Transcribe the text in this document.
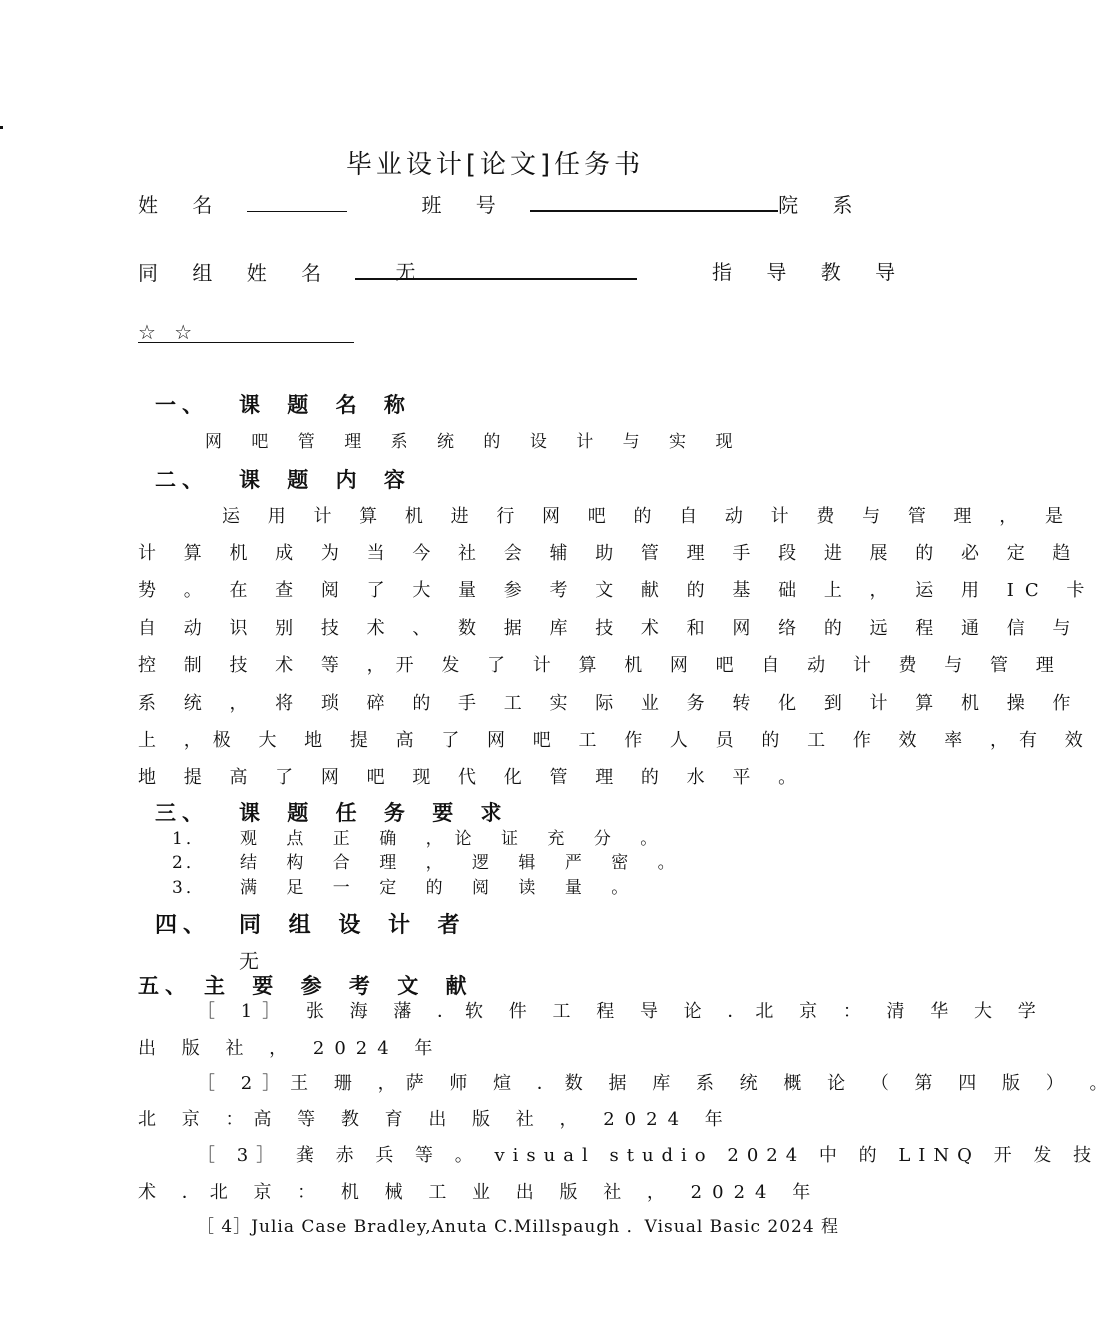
毕业设计[论文]任务书
姓 名	班 号	院 系
同 组 姓 名	无	指 导 教 导
☆ ☆
一、 课 题 名 称
网 吧 管 理 系 统 的 设 计 与 实 现
二、 课 题 内 容
运 用 计 算 机 进 行 网 吧 的 自 动 计 费 与 管 理 ， 是
计 算 机 成 为 当 今 社 会 辅 助 管 理 手 段 进 展 的 必 定 趋
势 。 在 查 阅 了 大 量 参 考 文 献 的 基 础 上 ， 运 用 IC 卡
自 动 识 别 技 术 、 数 据 库 技 术 和 网 络 的 远 程 通 信 与
控 制 技 术 等 ，开 发 了 计 算 机 网 吧 自 动 计 费 与 管 理
系 统 ， 将 琐 碎 的 手 工 实 际 业 务 转 化 到 计 算 机 操 作
上 ，极 大 地 提 高 了 网 吧 工 作 人 员 的 工 作 效 率 ，有 效
地 提 高 了 网 吧 现 代 化 管 理 的 水 平 。
三、 课 题 任 务 要 求
1． 观 点 正 确 ，论 证 充 分 。
2． 结 构 合 理 ， 逻 辑 严 密 。
3． 满 足 一 定 的 阅 读 量 。
四、 同 组 设 计 者
无
五、 主 要 参 考 文 献
［ 1］ 张 海 藩 ．软 件 工 程 导 论 ．北 京 ： 清 华 大 学
出 版 社 ， 2024 年
［ 2］王 珊 ，萨 师 煊 ．数 据 库 系 统 概 论 （ 第 四 版 ） 。
北 京 ：高 等 教 育 出 版 社 ， 2024 年
［ 3］ 龚 赤 兵 等 。 visual studio 2024 中 的 LINQ 开 发 技
术 ．北 京 ： 机 械 工 业 出 版 社 ， 2024 年
［ 4］Julia Case Bradley,Anuta C.Millspaugh ．Visual Basic 2024 程
